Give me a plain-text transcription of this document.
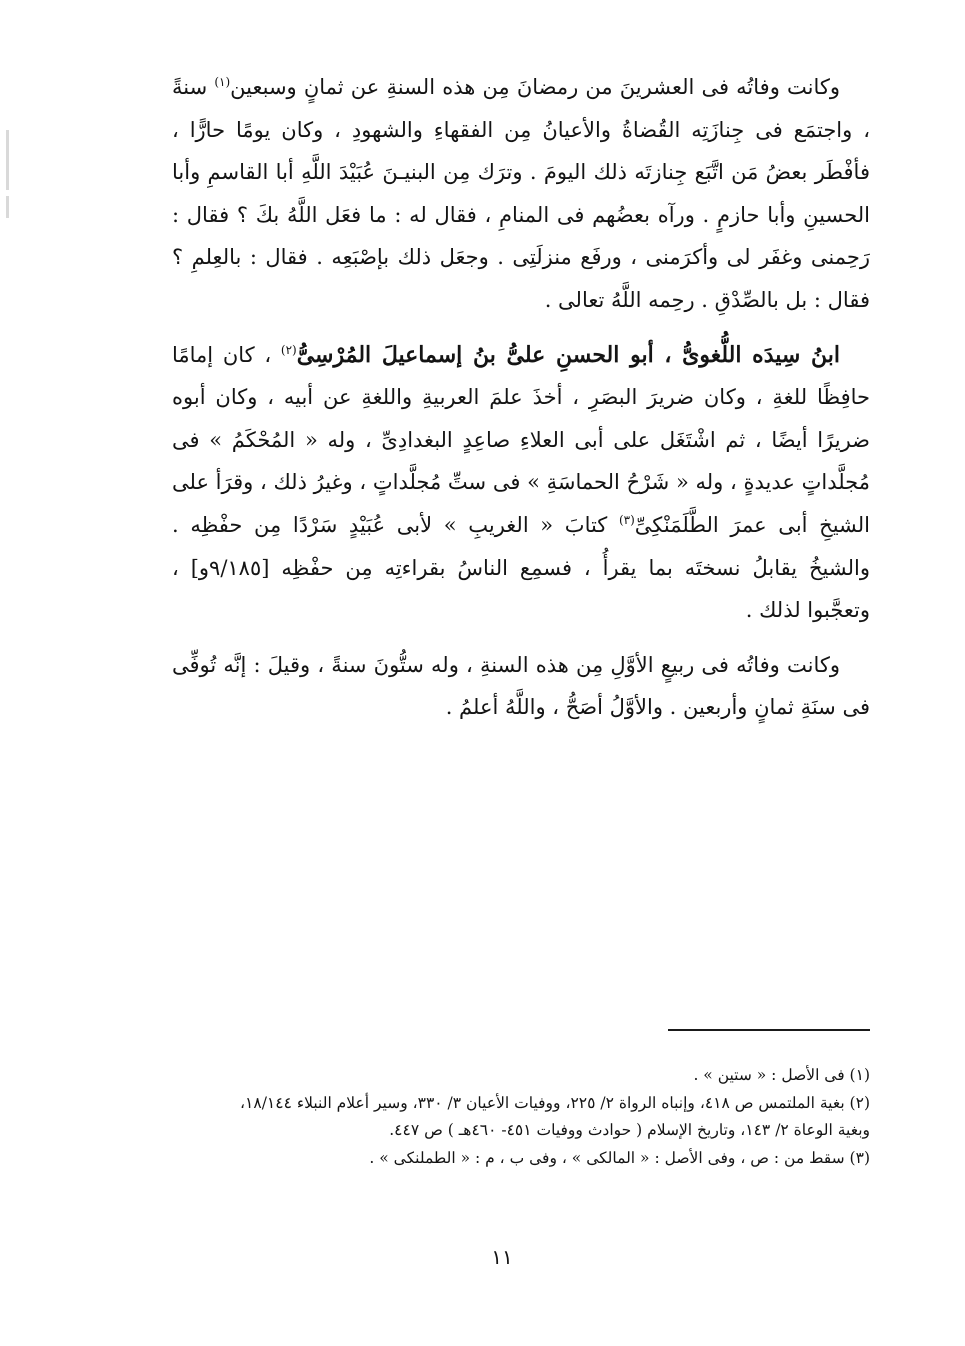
وكانت وفاتُه فى العشرينَ من رمضانَ مِن هذه السنةِ عن ثمانٍ وسبعين$^{(١)}$ سنةً ، واجتمَع فى جِنازَتِه القُضاةُ والأعيانُ مِن الفقهاءِ والشهودِ ، وكان يومًا حارًّا ، فأفْطَر بعضُ مَن اتَّبَع جِنازتَه ذلك اليومَ . وترَك مِن البنيـنَ عُبَيْدَ اللَّهِ أبا القاسمِ وأبا الحسينِ وأبا حازمٍ . ورآه بعضُهم فى المنامِ ، فقال له : ما فعَل اللَّهُ بكَ ؟ فقال : رَحِمنى وغفَر لى وأكرَمنى ، ورفَع منزلَتِى . وجعَل ذلك بإصْبَعِه . فقال : بالعِلمِ ؟ فقال : بل بالصِّدْقِ . رحِمه اللَّهُ تعالى .

ابنُ سِيدَه اللُّغوىُّ ، أبو الحسنِ علىُّ بنُ إسماعيلَ المُرْسِىُّ$^{(٢)}$ ، كان إمامًا حافِظًا للغةِ ، وكان ضريرَ البصَرِ ، أخذَ علمَ العربيةِ واللغةِ عن أبيه ، وكان أبوه ضريرًا أيضًا ، ثم اشْتَغَل على أبى العلاءِ صاعِدٍ البغدادِىِّ ، وله « المُحْكَمُ » فى مُجلَّداتٍ عديدةٍ ، وله « شَرْحُ الحماسَةِ » فى ستِّ مُجلَّداتٍ ، وغيرُ ذلك ، وقرَأ على الشيخِ أبى عمرَ الطَّلَمَنْكِىِّ$^{(٣)}$ كتابَ « الغريبِ » لأبى عُبَيْدٍ سَرْدًا مِن حفْظِه . والشيخُ يقابلُ نسختَه بما يقرأُ ، فسمِع الناسُ بقراءتِه مِن حفْظِه [٩/١٨٥و] ، وتعجَّبوا لذلك .

وكانت وفاتُه فى ربيعٍ الأوَّلِ مِن هذه السنةِ ، وله ستُّونَ سنةً ، وقيلَ : إنَّه تُوفِّى فى سنَةِ ثمانٍ وأربعين . والأوَّلُ أصَحُّ ، واللَّهُ أعلمُ .

(١) فى الأصل : « ستين » .

(٢) بغية الملتمس ص ٤١٨، وإنباه الرواة ٢/ ٢٢٥، ووفيات الأعيان ٣/ ٣٣٠، وسير أعلام النبلاء ١٨/١٤٤،

وبغية الوعاة ٢/ ١٤٣، وتاريخ الإسلام ( حوادث ووفيات ٤٥١- ٤٦٠هـ ) ص ٤٤٧.

(٣) سقط من : ص ، وفى الأصل : « المالكى » ، وفى ب ، م : « الطملنكى » .

١١
